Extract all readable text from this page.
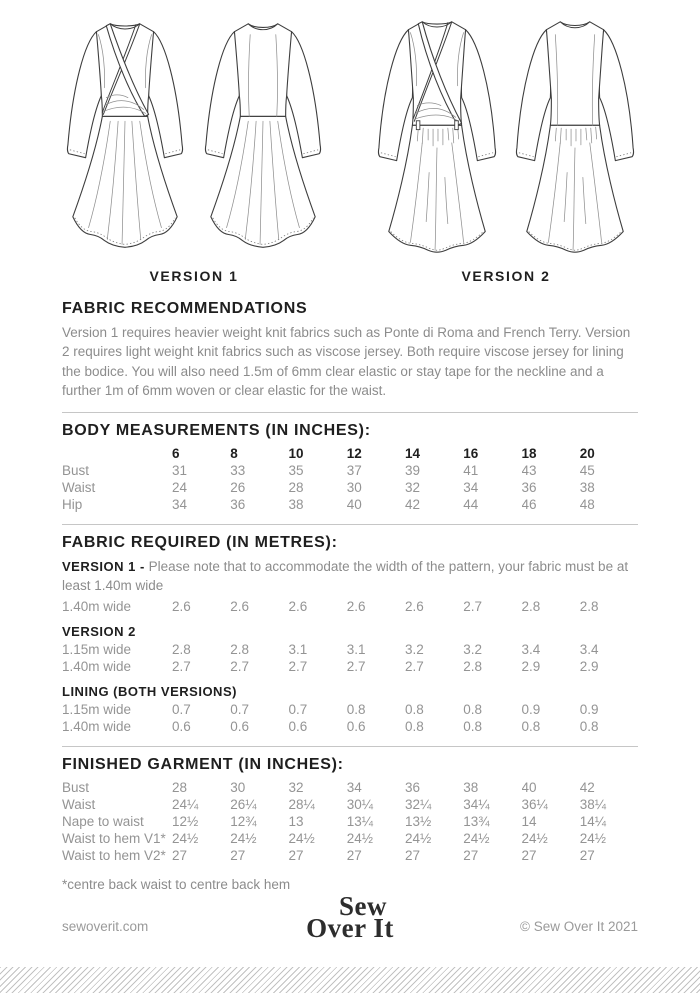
VERSION 1	VERSION 2
FABRIC RECOMMENDATIONS

Version 1 requires heavier weight knit fabrics such as Ponte di Roma and French Terry. Version 2 requires light weight knit fabrics such as viscose jersey. Both require viscose jersey for lining the bodice. You will also need 1.5m of 6mm clear elastic or stay tape for the neckline and a further 1m of 6mm woven or clear elastic for the waist.

BODY MEASUREMENTS (IN INCHES):
	6	8	10	12	14	16	18	20
Bust	31	33	35	37	39	41	43	45
Waist	24	26	28	30	32	34	36	38
Hip	34	36	38	40	42	44	46	48
FABRIC REQUIRED (IN METRES):

VERSION 1 - Please note that to accommodate the width of the pattern, your fabric must be at least 1.40m wide

1.40m wide	2.6	2.6	2.6	2.6	2.6	2.7	2.8	2.8
VERSION 2
1.15m wide	2.8	2.8	3.1	3.1	3.2	3.2	3.4	3.4
1.40m wide	2.7	2.7	2.7	2.7	2.7	2.8	2.9	2.9
LINING (BOTH VERSIONS)
1.15m wide	0.7	0.7	0.7	0.8	0.8	0.8	0.9	0.9
1.40m wide	0.6	0.6	0.6	0.6	0.8	0.8	0.8	0.8
FINISHED GARMENT (IN INCHES):
Bust	28	30	32	34	36	38	40	42
Waist	24¼	26¼	28¼	30¼	32¼	34¼	36¼	38¼
Nape to waist	12½	12¾	13	13¼	13½	13¾	14	14¼
Waist to hem V1*	24½	24½	24½	24½	24½	24½	24½	24½
Waist to hem V2*	27	27	27	27	27	27	27	27

*centre back waist to centre back hem

sewoverit.com
Sew
Over It	© Sew Over It 2021
